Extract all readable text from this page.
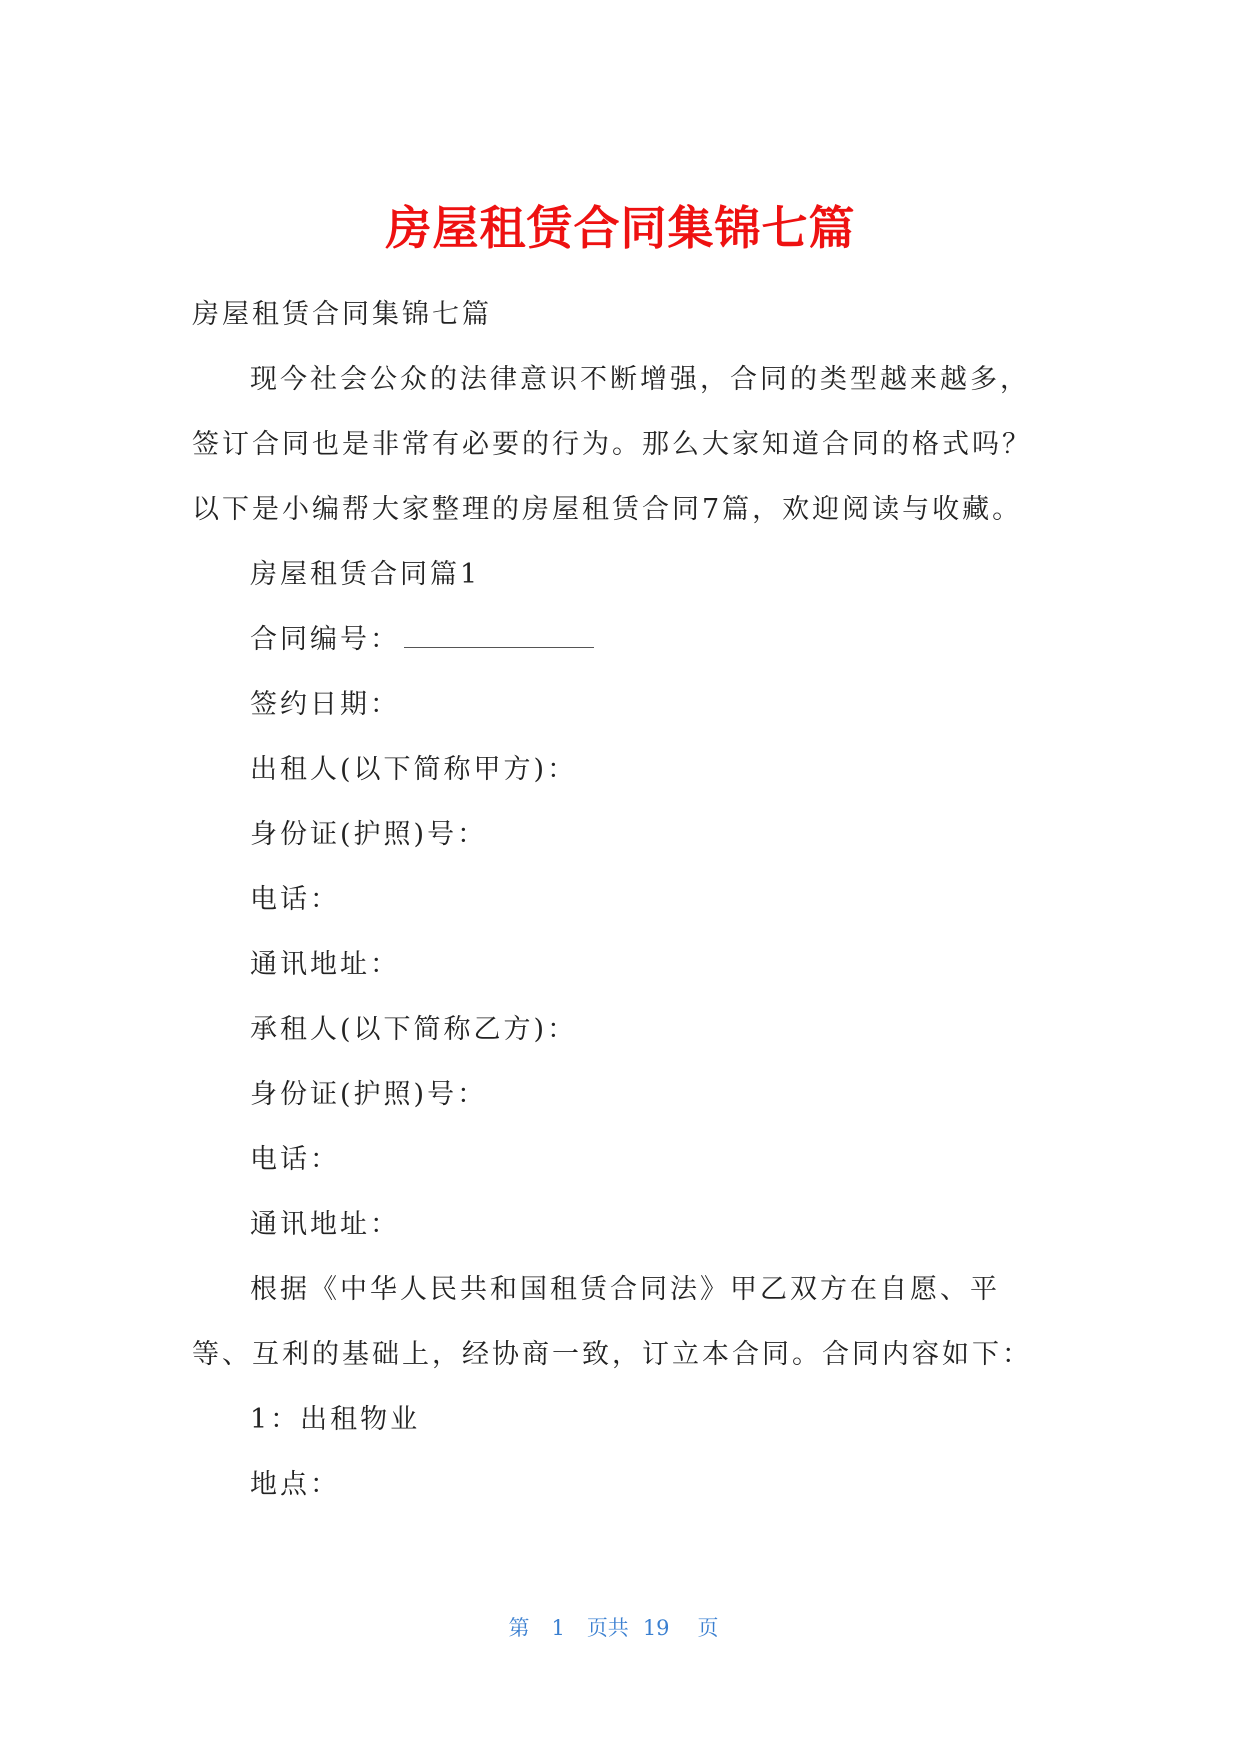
房屋租赁合同集锦七篇

房屋租赁合同集锦七篇

现今社会公众的法律意识不断增强，合同的类型越来越多，签订合同也是非常有必要的行为。那么大家知道合同的格式吗？以下是小编帮大家整理的房屋租赁合同7篇，欢迎阅读与收藏。

房屋租赁合同篇1

合同编号：

签约日期：

出租人(以下简称甲方)：

身份证(护照)号：

电话：

通讯地址：

承租人(以下简称乙方)：

身份证(护照)号：

电话：

通讯地址：

根据《中华人民共和国租赁合同法》甲乙双方在自愿、平等、互利的基础上，经协商一致，订立本合同。合同内容如下：

1：出租物业

地点：

第 1 页共 19 页
